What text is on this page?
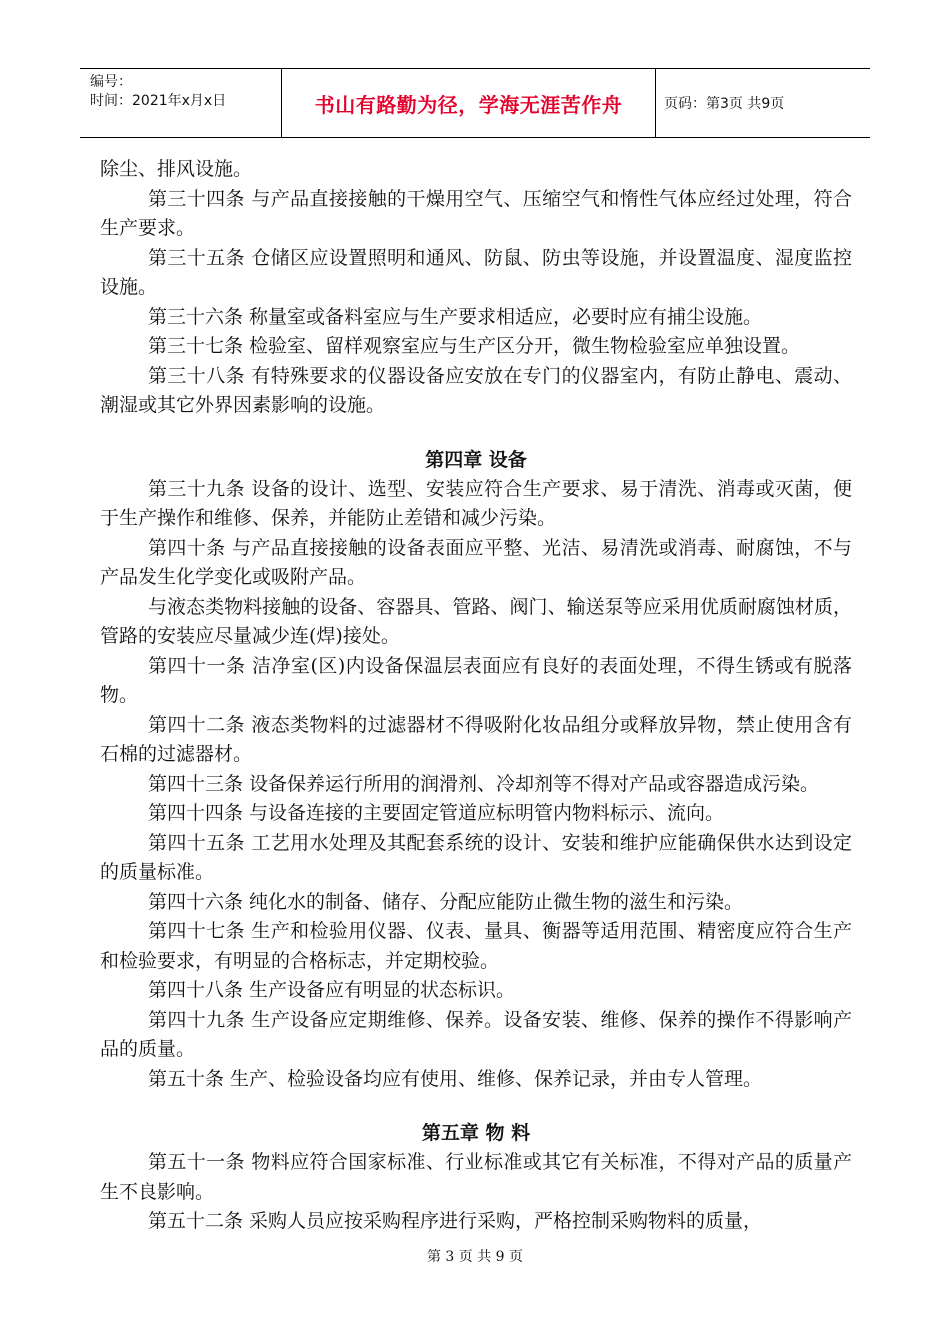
编号：
时间：2021年x月x日	书山有路勤为径，学海无涯苦作舟	页码：第3页 共9页

除尘、排风设施。

第三十四条 与产品直接接触的干燥用空气、压缩空气和惰性气体应经过处理，符合生产要求。

第三十五条 仓储区应设置照明和通风、防鼠、防虫等设施，并设置温度、湿度监控设施。

第三十六条 称量室或备料室应与生产要求相适应，必要时应有捕尘设施。

第三十七条 检验室、留样观察室应与生产区分开，微生物检验室应单独设置。

第三十八条 有特殊要求的仪器设备应安放在专门的仪器室内，有防止静电、震动、潮湿或其它外界因素影响的设施。

第四章 设备

第三十九条 设备的设计、选型、安装应符合生产要求、易于清洗、消毒或灭菌，便于生产操作和维修、保养，并能防止差错和减少污染。

第四十条 与产品直接接触的设备表面应平整、光洁、易清洗或消毒、耐腐蚀，不与产品发生化学变化或吸附产品。

与液态类物料接触的设备、容器具、管路、阀门、输送泵等应采用优质耐腐蚀材质，管路的安装应尽量减少连(焊)接处。

第四十一条 洁净室(区)内设备保温层表面应有良好的表面处理，不得生锈或有脱落物。

第四十二条 液态类物料的过滤器材不得吸附化妆品组分或释放异物，禁止使用含有石棉的过滤器材。

第四十三条 设备保养运行所用的润滑剂、冷却剂等不得对产品或容器造成污染。

第四十四条 与设备连接的主要固定管道应标明管内物料标示、流向。

第四十五条 工艺用水处理及其配套系统的设计、安装和维护应能确保供水达到设定的质量标准。

第四十六条 纯化水的制备、储存、分配应能防止微生物的滋生和污染。

第四十七条 生产和检验用仪器、仪表、量具、衡器等适用范围、精密度应符合生产和检验要求，有明显的合格标志，并定期校验。

第四十八条 生产设备应有明显的状态标识。

第四十九条 生产设备应定期维修、保养。设备安装、维修、保养的操作不得影响产品的质量。

第五十条 生产、检验设备均应有使用、维修、保养记录，并由专人管理。

第五章 物 料

第五十一条 物料应符合国家标准、行业标准或其它有关标准，不得对产品的质量产生不良影响。

第五十二条 采购人员应按采购程序进行采购，严格控制采购物料的质量，

第 3 页 共 9 页
